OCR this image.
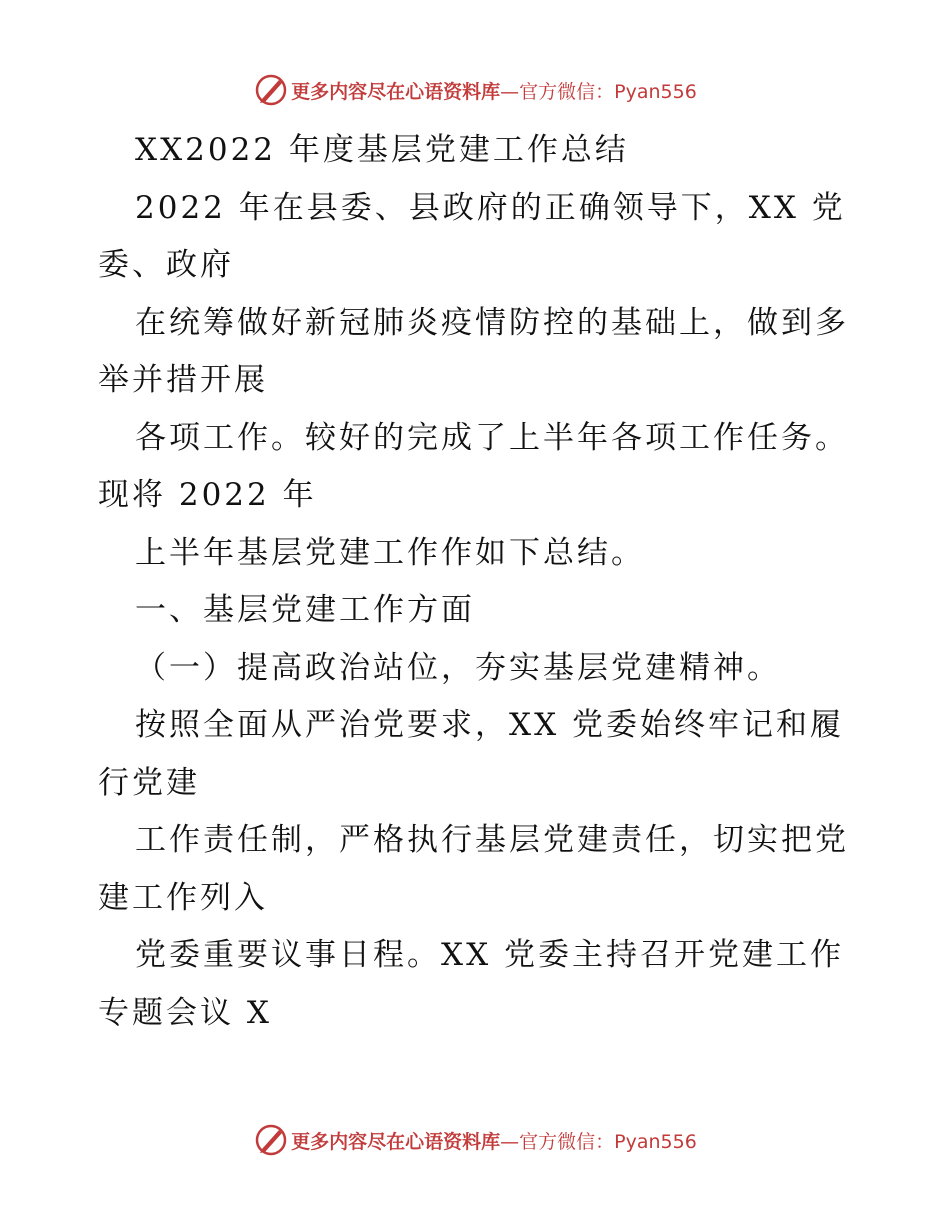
更多内容尽在心语资料库 —官方微信：Pyan556
XX2022 年度基层党建工作总结
2022 年在县委、县政府的正确领导下，XX 党
委、政府
在统筹做好新冠肺炎疫情防控的基础上，做到多
举并措开展
各项工作。较好的完成了上半年各项工作任务。
现将 2022 年
上半年基层党建工作作如下总结。
一、基层党建工作方面
（一）提高政治站位，夯实基层党建精神。
按照全面从严治党要求，XX 党委始终牢记和履
行党建
工作责任制，严格执行基层党建责任，切实把党
建工作列入
党委重要议事日程。XX 党委主持召开党建工作
专题会议 X
更多内容尽在心语资料库 —官方微信：Pyan556
